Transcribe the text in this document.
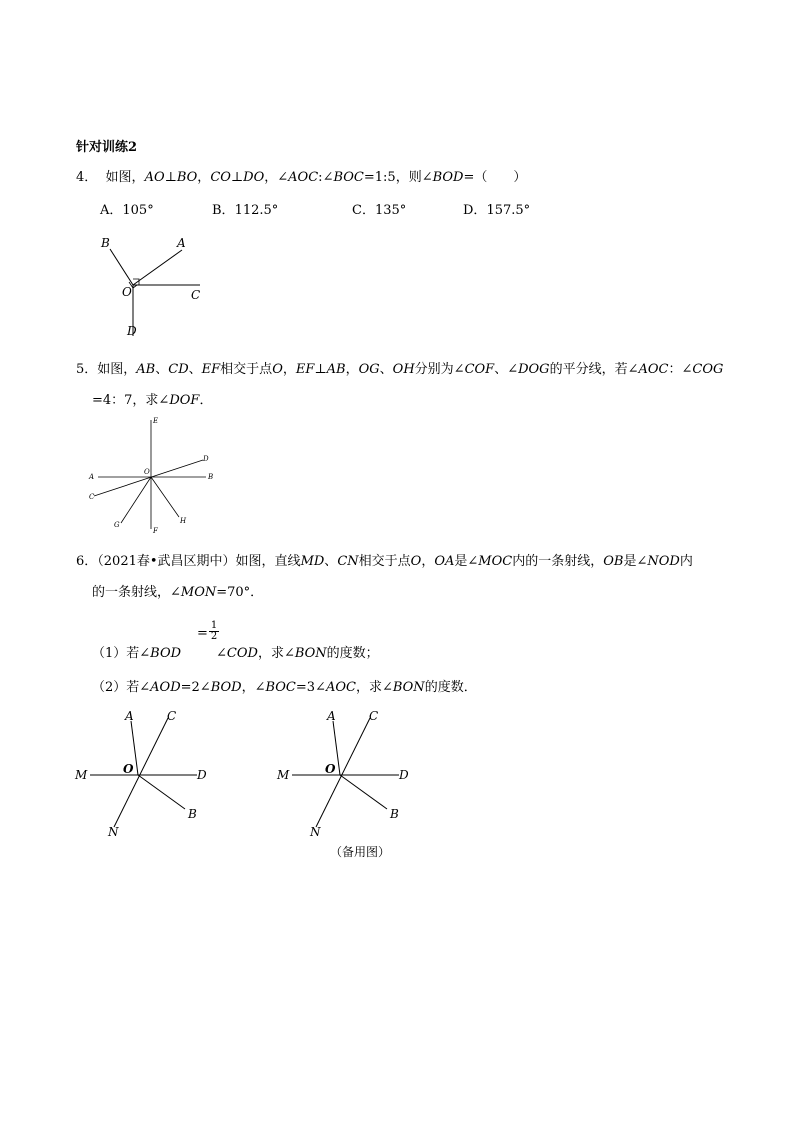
针对训练2
4． 如图，AO⊥BO，CO⊥DO，∠AOC:∠BOC=1:5，则∠BOD=（　　）
A．105°	B．112.5°	C．135°	D．157.5°
B	A
O	C
D
5．如图，AB、CD、EF相交于点O，EF⊥AB，OG、OH分别为∠COF、∠DOG的平分线，若∠AOC：∠COG
=4：7，求∠DOF．
E
D
A
O
B
C
G	H
F
6．（2021春•武昌区期中）如图，直线MD、CN相交于点O，OA是∠MOC内的一条射线，OB是∠NOD内
的一条射线，∠MON=70°．
（1）若∠BOD
= $\frac{1}{2}$
∠COD，求∠BON的度数；
（2）若∠AOD=2∠BOD，∠BOC=3∠AOC，求∠BON的度数．
A	C
M	O	D
B
N
A	C
M	O	D
B
N
（备用图）
